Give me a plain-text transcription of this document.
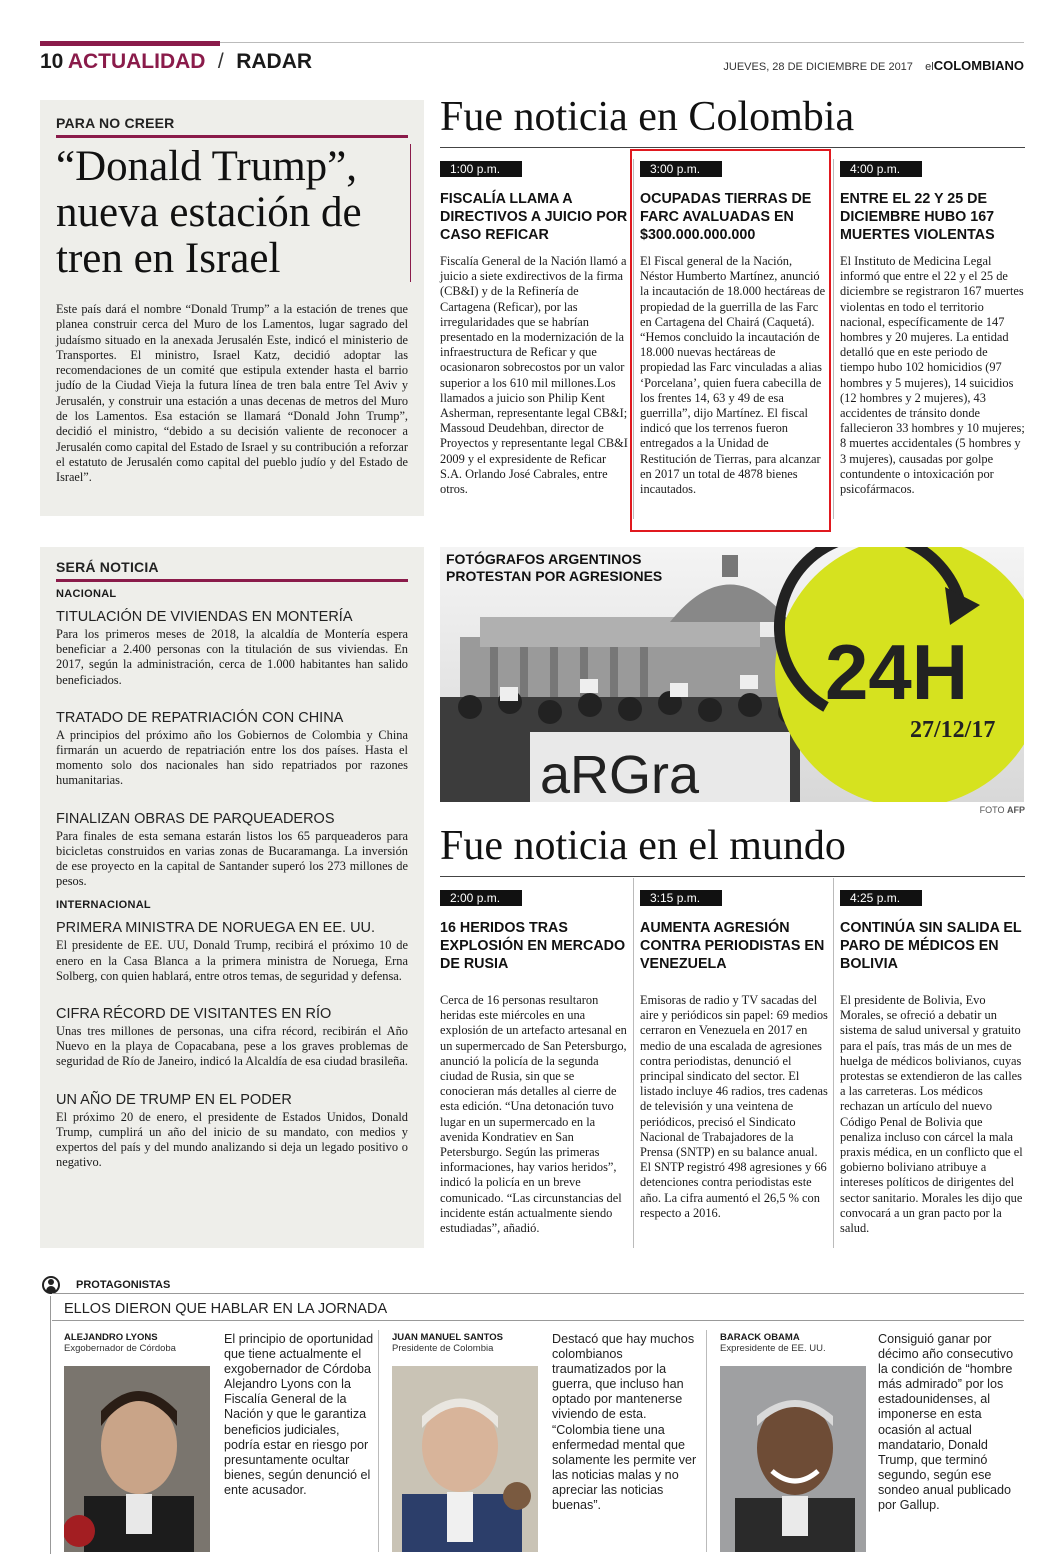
10 ACTUALIDAD / RADAR	JUEVES, 28 DE DICIEMBRE DE 2017 elCOLOMBIANO
PARA NO CREER
“Donald Trump”, nueva estación de tren en Israel
Este país dará el nombre “Donald Trump” a la estación de trenes que planea construir cerca del Muro de los Lamentos, lugar sagrado del judaísmo situado en la anexada Jerusalén Este, indicó el ministerio de Transportes. El ministro, Israel Katz, decidió adoptar las recomendaciones de un comité que estipula extender hasta el barrio judío de la Ciudad Vieja la futura línea de tren bala entre Tel Aviv y Jerusalén, y construir una estación a unas decenas de metros del Muro de los Lamentos. Esa estación se llamará “Donald John Trump”, decidió el ministro, “debido a su decisión valiente de reconocer a Jerusalén como capital del Estado de Israel y su contribución a reforzar el estatuto de Jerusalén como capital del pueblo judío y del Estado de Israel”.
Fue noticia en Colombia
1:00 p.m.
FISCALÍA LLAMA A DIRECTIVOS A JUICIO POR CASO REFICAR
Fiscalía General de la Nación llamó a juicio a siete exdirectivos de la firma (CB&I) y de la Refinería de Cartagena (Reficar), por las irregularidades que se habrían presentado en la modernización de la infraestructura de Reficar y que ocasionaron sobrecostos por un valor superior a los 610 mil millones.Los llamados a juicio son Philip Kent Asherman, representante legal CB&I; Massoud Deudehban, director de Proyectos y representante legal CB&I 2009 y el expresidente de Reficar S.A. Orlando José Cabrales, entre otros.
3:00 p.m.
OCUPADAS TIERRAS DE FARC AVALUADAS EN $300.000.000.000
El Fiscal general de la Nación, Néstor Humberto Martínez, anunció la incautación de 18.000 hectáreas de propiedad de la guerrilla de las Farc en Cartagena del Chairá (Caquetá). “Hemos concluido la incautación de 18.000 nuevas hectáreas de propiedad las Farc vinculadas a alias ‘Porcelana’, quien fuera cabecilla de los frentes 14, 63 y 49 de esa guerrilla”, dijo Martínez. El fiscal indicó que los terrenos fueron entregados a la Unidad de Restitución de Tierras, para alcanzar en 2017 un total de 4878 bienes incautados.
4:00 p.m.
ENTRE EL 22 Y 25 DE DICIEMBRE HUBO 167 MUERTES VIOLENTAS
El Instituto de Medicina Legal informó que entre el 22 y el 25 de diciembre se registraron 167 muertes violentas en todo el territorio nacional, específicamente de 147 hombres y 20 mujeres. La entidad detalló que en este periodo de tiempo hubo 102 homicidios (97 hombres y 5 mujeres), 14 suicidios (12 hombres y 2 mujeres), 43 accidentes de tránsito donde fallecieron 33 hombres y 10 mujeres; 8 muertes accidentales (5 hombres y 3 mujeres), causadas por golpe contundente o intoxicación por psicofármacos.
SERÁ NOTICIA
NACIONAL
TITULACIÓN DE VIVIENDAS EN MONTERÍA
Para los primeros meses de 2018, la alcaldía de Montería espera beneficiar a 2.400 personas con la titulación de sus viviendas. En 2017, según la administración, cerca de 1.000 habitantes han salido beneficiados.
TRATADO DE REPATRIACIÓN CON CHINA
A principios del próximo año los Gobiernos de Colombia y China firmarán un acuerdo de repatriación entre los dos países. Hasta el momento solo dos nacionales han sido repatriados por razones humanitarias.
FINALIZAN OBRAS DE PARQUEADEROS
Para finales de esta semana estarán listos los 65 parqueaderos para bicicletas construidos en varias zonas de Bucaramanga. La inversión de ese proyecto en la capital de Santander superó los 273 millones de pesos.
INTERNACIONAL
PRIMERA MINISTRA DE NORUEGA EN EE. UU.
El presidente de EE. UU, Donald Trump, recibirá el próximo 10 de enero en la Casa Blanca a la primera ministra de Noruega, Erna Solberg, con quien hablará, entre otros temas, de seguridad y defensa.
CIFRA RÉCORD DE VISITANTES EN RÍO
Unas tres millones de personas, una cifra récord, recibirán el Año Nuevo en la playa de Copacabana, pese a los graves problemas de seguridad de Río de Janeiro, indicó la Alcaldía de esa ciudad brasileña.
UN AÑO DE TRUMP EN EL PODER
El próximo 20 de enero, el presidente de Estados Unidos, Donald Trump, cumplirá un año del inicio de su mandato, con medios y expertos del país y del mundo analizando si deja un legado positivo o negativo.
aRGra
24H
27/12/17
FOTÓGRAFOS ARGENTINOS PROTESTAN POR AGRESIONES
FOTO AFP
Fue noticia en el mundo
2:00 p.m.
16 HERIDOS TRAS EXPLOSIÓN EN MERCADO DE RUSIA
Cerca de 16 personas resultaron heridas este miércoles en una explosión de un artefacto artesanal en un supermercado de San Petersburgo, anunció la policía de la segunda ciudad de Rusia, sin que se conocieran más detalles al cierre de esta edición. “Una detonación tuvo lugar en un supermercado en la avenida Kondratiev en San Petersburgo. Según las primeras informaciones, hay varios heridos”, indicó la policía en un breve comunicado. “Las circunstancias del incidente están actualmente siendo estudiadas”, añadió.
3:15 p.m.
AUMENTA AGRESIÓN CONTRA PERIODISTAS EN VENEZUELA
Emisoras de radio y TV sacadas del aire y periódicos sin papel: 69 medios cerraron en Venezuela en 2017 en medio de una escalada de agresiones contra periodistas, denunció el principal sindicato del sector. El listado incluye 46 radios, tres cadenas de televisión y una veintena de periódicos, precisó el Sindicato Nacional de Trabajadores de la Prensa (SNTP) en su balance anual. El SNTP registró 498 agresiones y 66 detenciones contra periodistas este año. La cifra aumentó el 26,5 % con respecto a 2016.
4:25 p.m.
CONTINÚA SIN SALIDA EL PARO DE MÉDICOS EN BOLIVIA
El presidente de Bolivia, Evo Morales, se ofreció a debatir un sistema de salud universal y gratuito para el país, tras más de un mes de huelga de médicos bolivianos, cuyas protestas se extendieron de las calles a las carreteras. Los médicos rechazan un artículo del nuevo Código Penal de Bolivia que penaliza incluso con cárcel la mala praxis médica, en un conflicto que el gobierno boliviano atribuye a intereses políticos de dirigentes del sector sanitario. Morales les dijo que convocará a un gran pacto por la salud.
PROTAGONISTAS
ELLOS DIERON QUE HABLAR EN LA JORNADA
ALEJANDRO LYONS
Exgobernador de Córdoba
El principio de oportunidad que tiene actualmente el exgobernador de Córdoba Alejandro Lyons con la Fiscalía General de la Nación y que le garantiza beneficios judiciales, podría estar en riesgo por presuntamente ocultar bienes, según denunció el ente acusador.
JUAN MANUEL SANTOS
Presidente de Colombia
Destacó que hay muchos colombianos traumatizados por la guerra, que incluso han optado por mantenerse viviendo de esta. “Colombia tiene una enfermedad mental que solamente les permite ver las noticias malas y no apreciar las noticias buenas”.
BARACK OBAMA
Expresidente de EE. UU.
Consiguió ganar por décimo año consecutivo la condición de “hombre más admirado” por los estadounidenses, al imponerse en esta ocasión al actual mandatario, Donald Trump, que terminó segundo, según ese sondeo anual publicado por Gallup.
